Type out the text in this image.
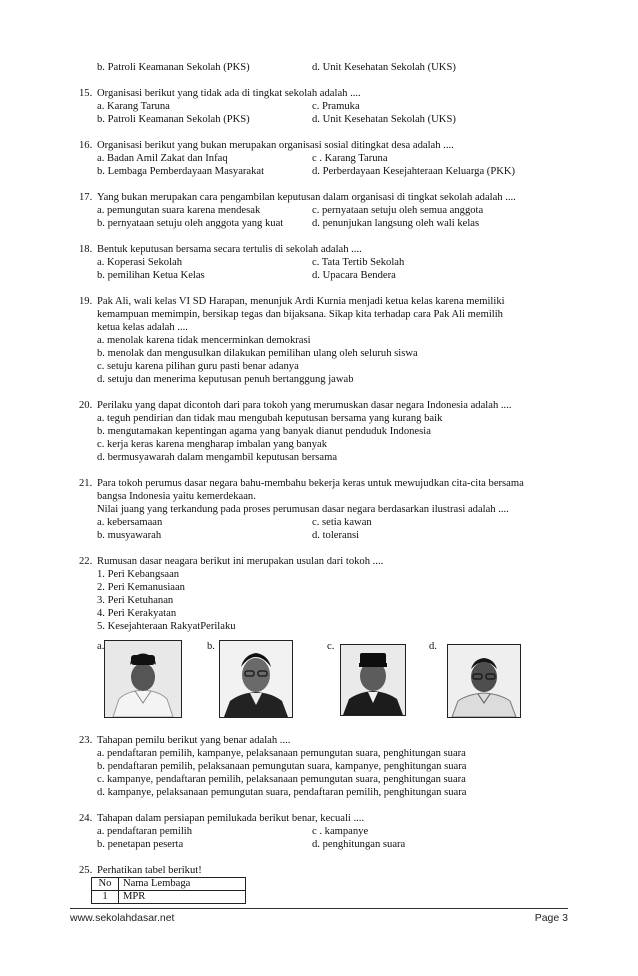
b. Patroli Keamanan Sekolah (PKS)	d. Unit Kesehatan Sekolah (UKS)
15. Organisasi berikut yang tidak ada di tingkat sekolah adalah ....
a. Karang Taruna	c. Pramuka
b. Patroli Keamanan Sekolah (PKS)	d. Unit Kesehatan Sekolah (UKS)
16. Organisasi berikut yang bukan merupakan organisasi sosial ditingkat desa adalah ....
a. Badan Amil Zakat dan Infaq	c . Karang Taruna
b. Lembaga Pemberdayaan Masyarakat	d. Perberdayaan Kesejahteraan Keluarga (PKK)
17. Yang bukan merupakan cara pengambilan keputusan dalam organisasi di tingkat sekolah adalah ....
a. pemungutan suara karena mendesak	c. pernyataan setuju oleh semua anggota
b. pernyataan setuju oleh anggota yang kuat	d. penunjukan langsung oleh wali kelas
18. Bentuk keputusan bersama secara tertulis di sekolah adalah ....
a. Koperasi Sekolah	c. Tata Tertib Sekolah
b. pemilihan Ketua Kelas	d. Upacara Bendera
19. Pak Ali, wali kelas VI SD Harapan, menunjuk Ardi Kurnia menjadi ketua kelas karena memiliki
kemampuan memimpin, bersikap tegas dan bijaksana. Sikap kita terhadap cara Pak Ali memilih
ketua kelas adalah ....
a. menolak karena tidak mencerminkan demokrasi
b. menolak dan mengusulkan dilakukan pemilihan ulang oleh seluruh siswa
c. setuju karena pilihan guru pasti benar adanya
d. setuju dan menerima keputusan penuh bertanggung jawab
20. Perilaku yang dapat dicontoh dari para tokoh yang merumuskan dasar negara Indonesia adalah ....
a. teguh pendirian dan tidak mau mengubah keputusan bersama yang kurang baik
b. mengutamakan kepentingan agama yang banyak dianut penduduk Indonesia
c. kerja keras karena mengharap imbalan yang banyak
d. bermusyawarah dalam mengambil keputusan bersama
21. Para tokoh perumus dasar negara bahu-membahu bekerja keras untuk mewujudkan cita-cita bersama
bangsa Indonesia yaitu kemerdekaan.
Nilai juang yang terkandung pada proses perumusan dasar negara berdasarkan ilustrasi adalah ....
a. kebersamaan	c. setia kawan
b. musyawarah	d. toleransi
22. Rumusan dasar neagara berikut ini merupakan usulan dari tokoh ....
1. Peri Kebangsaan
2. Peri Kemanusiaan
3. Peri Ketuhanan
4. Peri Kerakyatan
5. Kesejahteraan RakyatPerilaku
a.	b.	c.	d.
23. Tahapan pemilu berikut yang benar adalah ....
a. pendaftaran pemilih, kampanye, pelaksanaan pemungutan suara, penghitungan suara
b. pendaftaran pemilih, pelaksanaan pemungutan suara, kampanye, penghitungan suara
c. kampanye, pendaftaran pemilih, pelaksanaan pemungutan suara, penghitungan suara
d. kampanye, pelaksanaan pemungutan suara, pendaftaran pemilih, penghitungan suara
24. Tahapan dalam persiapan pemilukada berikut benar, kecuali ....
a. pendaftaran pemilih	c . kampanye
b. penetapan peserta	d. penghitungan suara
25. Perhatikan tabel berikut!
No	Nama Lembaga
1	MPR
www.sekolahdasar.net	Page 3
